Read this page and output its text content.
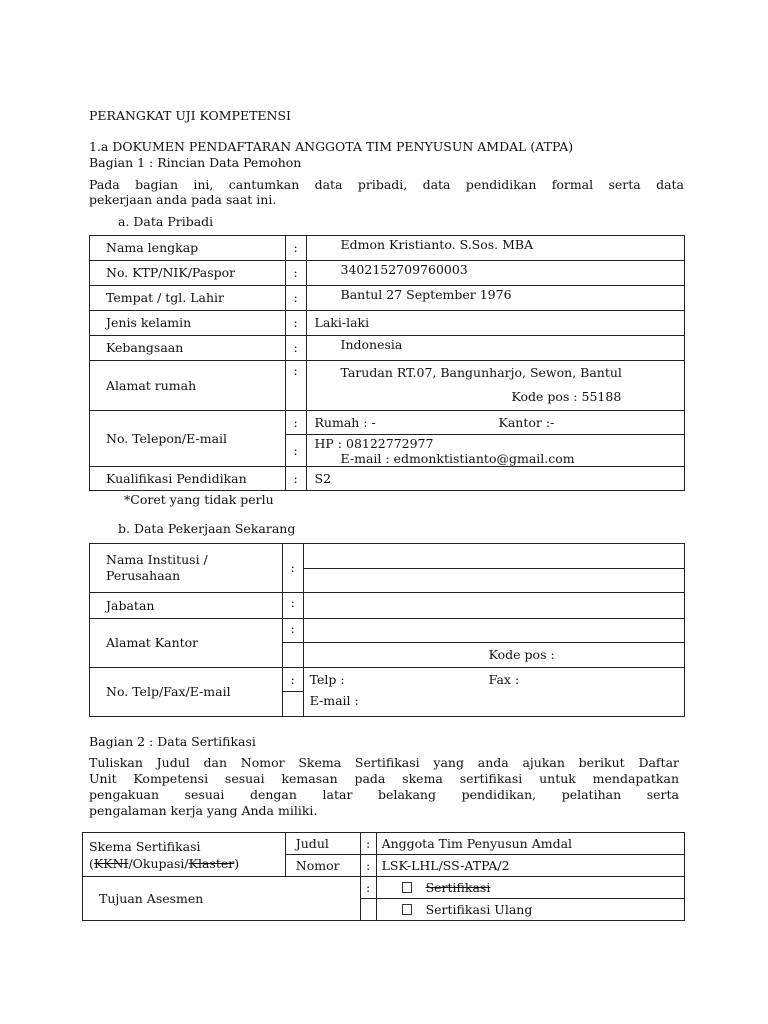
PERANGKAT UJI KOMPETENSI
1.a DOKUMEN PENDAFTARAN ANGGOTA TIM PENYUSUN AMDAL (ATPA)
Bagian 1 : Rincian Data Pemohon
Pada bagian ini, cantumkan data pribadi, data pendidikan formal serta data
pekerjaan anda pada saat ini.
a. Data Pribadi
Nama lengkap	:	Edmon Kristianto. S.Sos. MBA
No. KTP/NIK/Paspor	:	3402152709760003
Tempat / tgl. Lahir	:	Bantul 27 September 1976
Jenis kelamin	:	Laki-laki
Kebangsaan	:	Indonesia
Alamat rumah	:	Tarudan RT.07, Bangunharjo, Sewon, Bantul
		Kode pos : 55188
No. Telepon/E-mail	:	Rumah : - Kantor :-

	:	HP : 08122772977
E-mail : edmonktistianto@gmail.com

Kualifikasi Pendidikan	:	S2
*Coret yang tidak perlu
b. Data Pekerjaan Sekarang
Nama Institusi /
Perusahaan	:	

Jabatan	:	
Alamat Kantor	:	
		Kode pos :
No. Telp/Fax/E-mail	:	Telp : Fax :

		E-mail :
Bagian 2 : Data Sertifikasi
Tuliskan Judul dan Nomor Skema Sertifikasi yang anda ajukan berikut Daftar
Unit Kompetensi sesuai kemasan pada skema sertifikasi untuk mendapatkan
pengakuan sesuai dengan latar belakang pendidikan, pelatihan serta
pengalaman kerja yang Anda miliki.
Skema Sertifikasi
(KKNI/Okupasi/Klaster)	Judul	:	Anggota Tim Penyusun Amdal
	Nomor	:	LSK-LHL/SS-ATPA/2
Tujuan Asesmen		:	Sertifikasi
			Sertifikasi Ulang
